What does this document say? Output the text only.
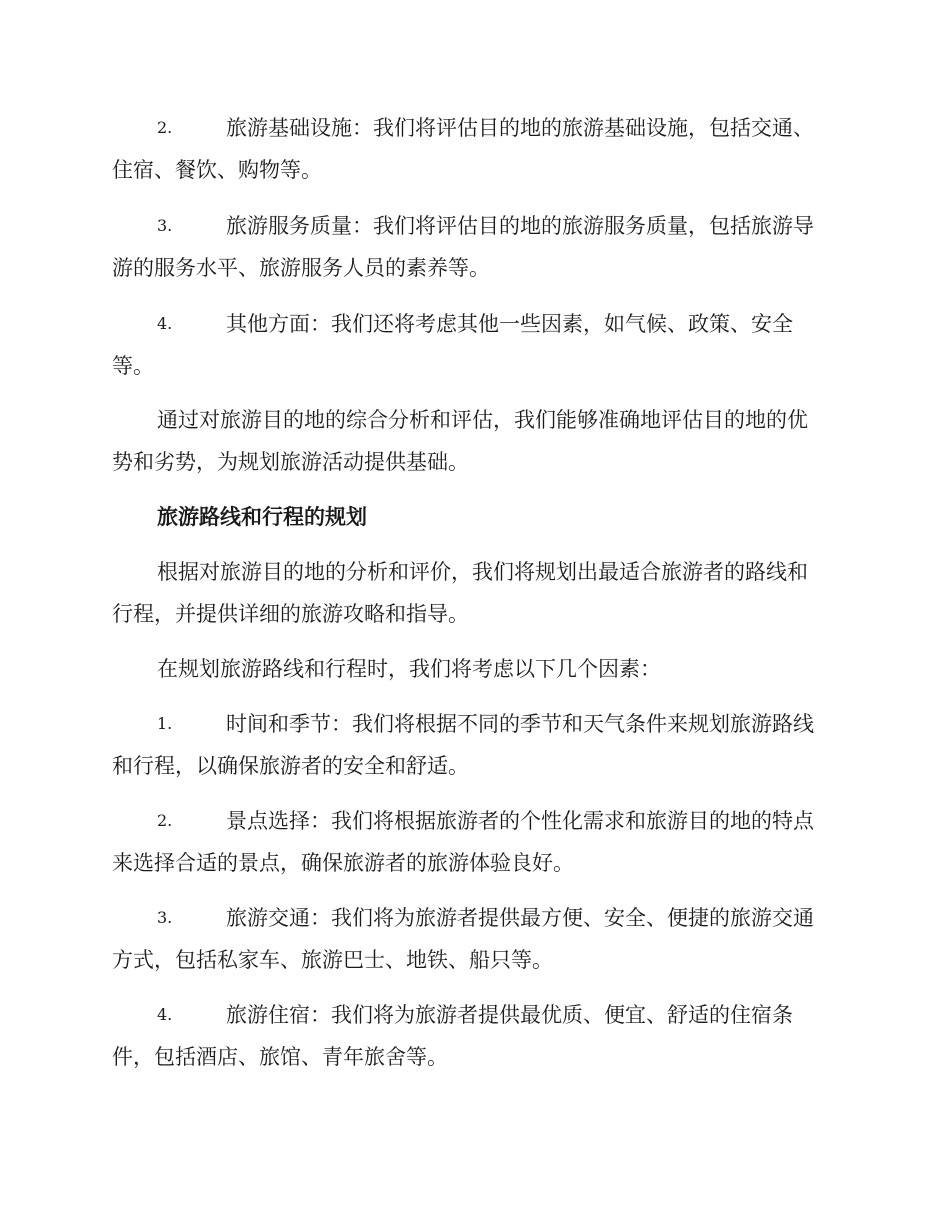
2.	旅游基础设施：我们将评估目的地的旅游基础设施，包括交通、
住宿、餐饮、购物等。
3.	旅游服务质量：我们将评估目的地的旅游服务质量，包括旅游导
游的服务水平、旅游服务人员的素养等。
4.	其他方面：我们还将考虑其他一些因素，如气候、政策、安全
等。
通过对旅游目的地的综合分析和评估，我们能够准确地评估目的地的优
势和劣势，为规划旅游活动提供基础。
旅游路线和行程的规划
根据对旅游目的地的分析和评价，我们将规划出最适合旅游者的路线和
行程，并提供详细的旅游攻略和指导。
在规划旅游路线和行程时，我们将考虑以下几个因素：
1.	时间和季节：我们将根据不同的季节和天气条件来规划旅游路线
和行程，以确保旅游者的安全和舒适。
2.	景点选择：我们将根据旅游者的个性化需求和旅游目的地的特点
来选择合适的景点，确保旅游者的旅游体验良好。
3.	旅游交通：我们将为旅游者提供最方便、安全、便捷的旅游交通
方式，包括私家车、旅游巴士、地铁、船只等。
4.	旅游住宿：我们将为旅游者提供最优质、便宜、舒适的住宿条
件，包括酒店、旅馆、青年旅舍等。
